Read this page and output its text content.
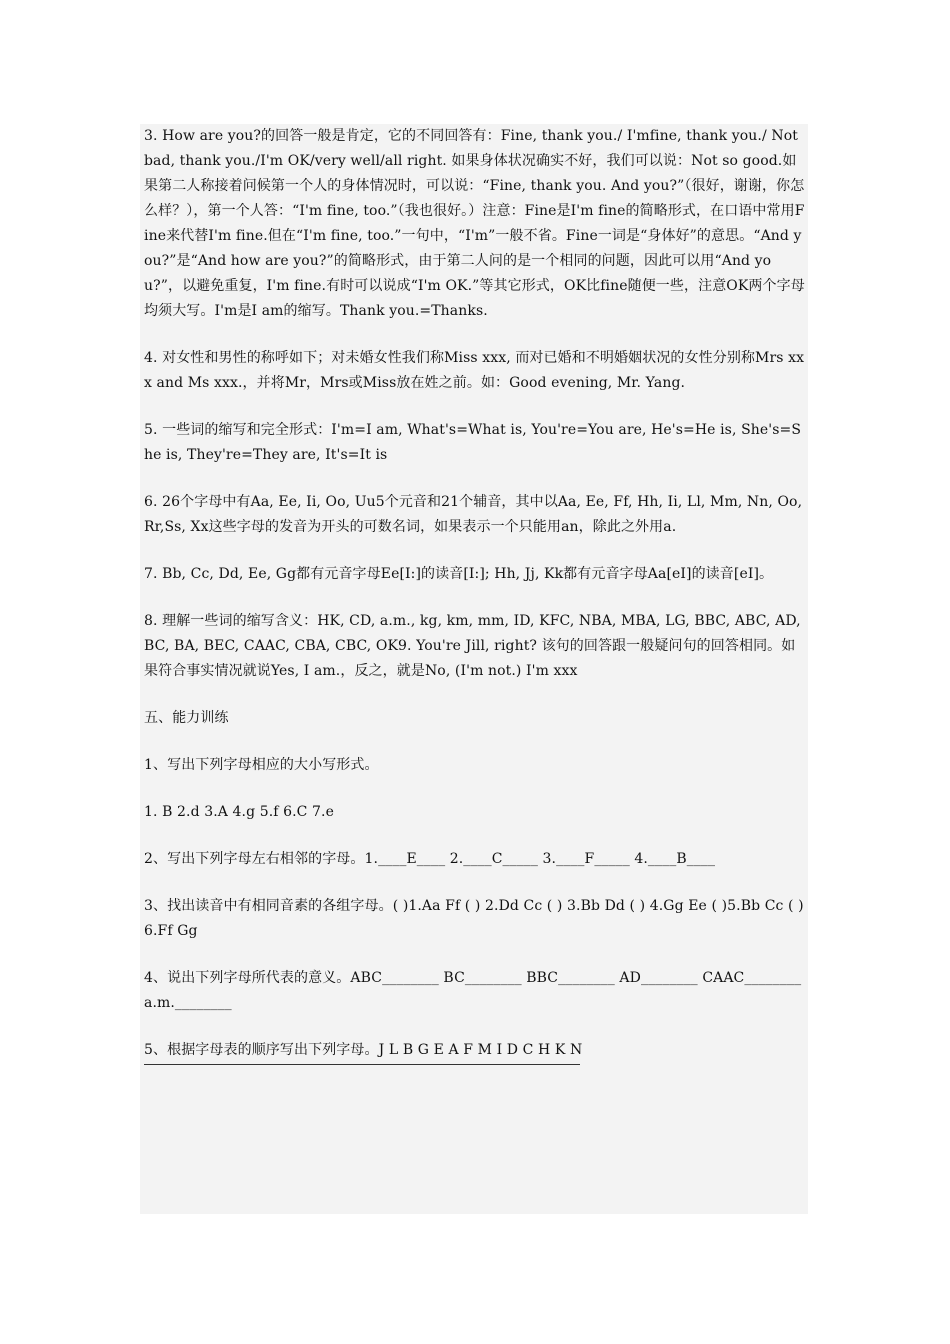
3. How are you?的回答一般是肯定，它的不同回答有：Fine, thank you./ I'mfine, thank you./ Not bad, thank you./I'm OK/very well/all right. 如果身体状况确实不好，我们可以说：Not so good.如果第二人称接着问候第一个人的身体情况时，可以说：“Fine, thank you. And you?”（很好，谢谢，你怎么样？），第一个人答：“I'm fine, too.”（我也很好。）注意：Fine是I'm fine的简略形式，在口语中常用Fine来代替I'm fine.但在“I'm fine, too.”一句中，“I'm”一般不省。Fine一词是“身体好”的意思。“And you?”是“And how are you?”的简略形式，由于第二人问的是一个相同的问题，因此可以用“And you?”，以避免重复，I'm fine.有时可以说成“I'm OK.”等其它形式，OK比fine随便一些，注意OK两个字母均须大写。I'm是I am的缩写。Thank you.=Thanks.

4. 对女性和男性的称呼如下；对未婚女性我们称Miss xxx, 而对已婚和不明婚姻状况的女性分别称Mrs xxx and Ms xxx.，并将Mr，Mrs或Miss放在姓之前。如：Good evening, Mr. Yang.

5. 一些词的缩写和完全形式：I'm=I am, What's=What is, You're=You are, He's=He is, She's=She is, They're=They are, It's=It is

6. 26个字母中有Aa, Ee, Ii, Oo, Uu5个元音和21个辅音，其中以Aa, Ee, Ff, Hh, Ii, Ll, Mm, Nn, Oo, Rr,Ss, Xx这些字母的发音为开头的可数名词，如果表示一个只能用an，除此之外用a.

7. Bb, Cc, Dd, Ee, Gg都有元音字母Ee[I:]的读音[I:]; Hh, Jj, Kk都有元音字母Aa[eI]的读音[eI]。

8. 理解一些词的缩写含义：HK, CD, a.m., kg, km, mm, ID, KFC, NBA, MBA, LG, BBC, ABC, AD, BC, BA, BEC, CAAC, CBA, CBC, OK9. You're Jill, right? 该句的回答跟一般疑问句的回答相同。如果符合事实情况就说Yes, I am.，反之，就是No, (I'm not.) I'm xxx

五、能力训练

1、写出下列字母相应的大小写形式。

1. B 2.d 3.A 4.g 5.f 6.C 7.e

2、写出下列字母左右相邻的字母。1.____E____ 2.____C_____ 3.____F_____ 4.____B____

3、找出读音中有相同音素的各组字母。( )1.Aa Ff ( ) 2.Dd Cc ( ) 3.Bb Dd ( ) 4.Gg Ee ( )5.Bb Cc ( ) 6.Ff Gg

4、说出下列字母所代表的意义。ABC________ BC________ BBC________ AD________ CAAC________ a.m.________

5、根据字母表的顺序写出下列字母。J L B G E A F M I D C H K N
